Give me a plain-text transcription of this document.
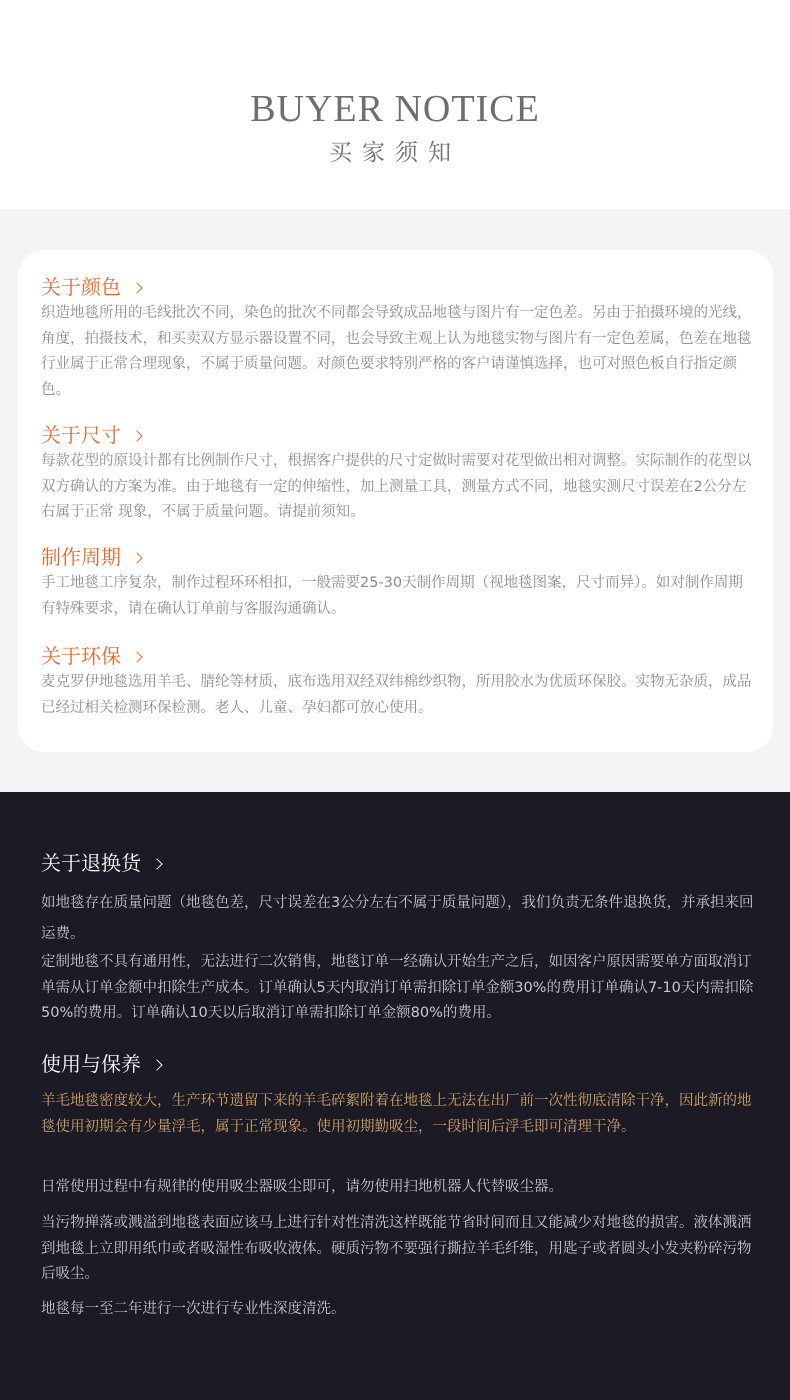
BUYER NOTICE
买家须知
关于颜色
织造地毯所用的毛线批次不同，染色的批次不同都会导致成品地毯与图片有一定色差。另由于拍摄环境的光线，角度，拍摄技术，和买卖双方显示器设置不同，也会导致主观上认为地毯实物与图片有一定色差属，色差在地毯行业属于正常合理现象，不属于质量问题。对颜色要求特别严格的客户请谨慎选择，也可对照色板自行指定颜色。
关于尺寸
每款花型的原设计都有比例制作尺寸，根据客户提供的尺寸定做时需要对花型做出相对调整。实际制作的花型以双方确认的方案为准。由于地毯有一定的伸缩性，加上测量工具，测量方式不同，地毯实测尺寸误差在2公分左右属于正常 现象，不属于质量问题。请提前须知。
制作周期
手工地毯工序复杂，制作过程环环相扣，一般需要25-30天制作周期（视地毯图案，尺寸而异）。如对制作周期有特殊要求，请在确认订单前与客服沟通确认。
关于环保
麦克罗伊地毯选用羊毛、腈纶等材质，底布选用双经双纬棉纱织物，所用胶水为优质环保胶。实物无杂质，成品已经过相关检测环保检测。老人、儿童、孕妇都可放心使用。
关于退换货
如地毯存在质量问题（地毯色差，尺寸误差在3公分左右不属于质量问题），我们负责无条件退换货，并承担来回运费。
定制地毯不具有通用性，无法进行二次销售，地毯订单一经确认开始生产之后，如因客户原因需要单方面取消订单需从订单金额中扣除生产成本。订单确认5天内取消订单需扣除订单金额30%的费用订单确认7-10天内需扣除50%的费用。订单确认10天以后取消订单需扣除订单金额80%的费用。
使用与保养
羊毛地毯密度较大，生产环节遗留下来的羊毛碎絮附着在地毯上无法在出厂前一次性彻底清除干净，因此新的地毯使用初期会有少量浮毛，属于正常现象。使用初期勤吸尘，一段时间后浮毛即可清理干净。
日常使用过程中有规律的使用吸尘器吸尘即可，请勿使用扫地机器人代替吸尘器。
当污物掸落或溅溢到地毯表面应该马上进行针对性清洗这样既能节省时间而且又能减少对地毯的损害。液体溅洒到地毯上立即用纸巾或者吸湿性布吸收液体。硬质污物不要强行撕拉羊毛纤维，用匙子或者圆头小发夹粉碎污物后吸尘。
地毯每一至二年进行一次进行专业性深度清洗。
